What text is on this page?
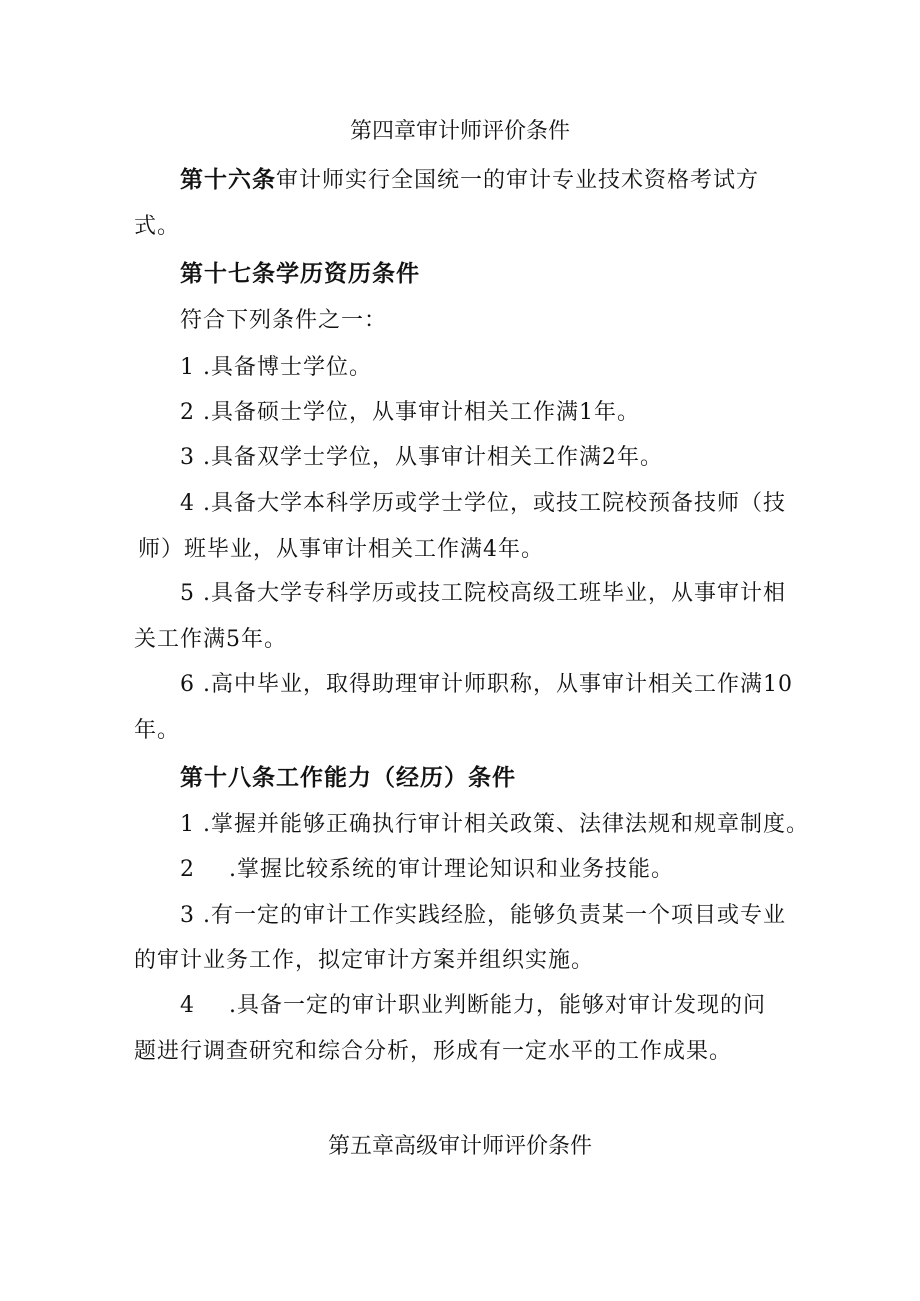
第四章审计师评价条件
第十六条审计师实行全国统一的审计专业技术资格考试方
式。
第十七条学历资历条件
符合下列条件之一：
1 .具备博士学位。
2 .具备硕士学位，从事审计相关工作满1年。
3 .具备双学士学位，从事审计相关工作满2年。
4 .具备大学本科学历或学士学位，或技工院校预备技师（技
师）班毕业，从事审计相关工作满4年。
5 .具备大学专科学历或技工院校高级工班毕业，从事审计相
关工作满5年。
6 .高中毕业，取得助理审计师职称，从事审计相关工作满10
年。
第十八条工作能力（经历）条件
1 .掌握并能够正确执行审计相关政策、法律法规和规章制度。
2 .掌握比较系统的审计理论知识和业务技能。
3 .有一定的审计工作实践经脸，能够负责某一个项目或专业
的审计业务工作，拟定审计方案并组织实施。
4 .具备一定的审计职业判断能力，能够对审计发现的问
题进行调查研究和综合分析，形成有一定水平的工作成果。
第五章高级审计师评价条件
